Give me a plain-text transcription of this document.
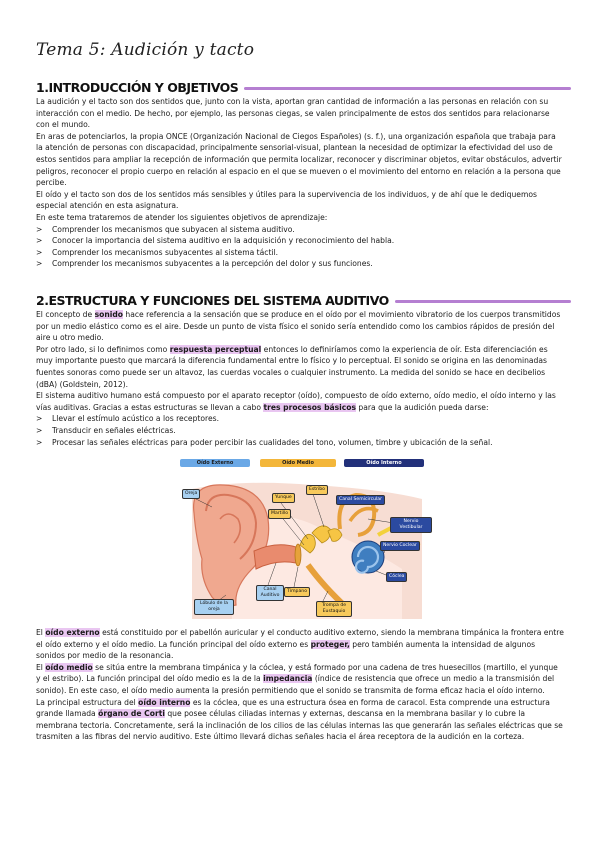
Tema 5: Audición y tacto
1.INTRODUCCIÓN Y OBJETIVOS

La audición y el tacto son dos sentidos que, junto con la vista, aportan gran cantidad de información a las personas en relación con su interacción con el medio. De hecho, por ejemplo, las personas ciegas, se valen principalmente de estos dos sentidos para relacionarse con el mundo.

En aras de potenciarlos, la propia ONCE (Organización Nacional de Ciegos Españoles) (s. f.), una organización española que trabaja para la atención de personas con discapacidad, principalmente sensorial-visual, plantean la necesidad de optimizar la efectividad del uso de estos sentidos para ampliar la recepción de información que permita localizar, reconocer y discriminar objetos, evitar obstáculos, advertir peligros, reconocer el propio cuerpo en relación al espacio en el que se mueven o el movimiento del entorno en relación a la persona que percibe.

El oído y el tacto son dos de los sentidos más sensibles y útiles para la supervivencia de los individuos, y de ahí que le dediquemos especial atención en esta asignatura.

En este tema trataremos de atender los siguientes objetivos de aprendizaje:

> Comprender los mecanismos que subyacen al sistema auditivo.
> Conocer la importancia del sistema auditivo en la adquisición y reconocimiento del habla.
> Comprender los mecanismos subyacentes al sistema táctil.
> Comprender los mecanismos subyacentes a la percepción del dolor y sus funciones.
2.ESTRUCTURA Y FUNCIONES DEL SISTEMA AUDITIVO

El concepto de sonido hace referencia a la sensación que se produce en el oído por el movimiento vibratorio de los cuerpos transmitidos por un medio elástico como es el aire. Desde un punto de vista físico el sonido sería entendido como los cambios rápidos de presión del aire u otro medio.

Por otro lado, si lo definimos como respuesta perceptual entonces lo definiríamos como la experiencia de oír. Esta diferenciación es muy importante puesto que marcará la diferencia fundamental entre lo físico y lo perceptual. El sonido se origina en las denominadas fuentes sonoras como puede ser un altavoz, las cuerdas vocales o cualquier instrumento. La medida del sonido se hace en decibelios (dBA) (Goldstein, 2012).

El sistema auditivo humano está compuesto por el aparato receptor (oído), compuesto de oído externo, oído medio, el oído interno y las vías auditivas. Gracias a estas estructuras se llevan a cabo tres procesos básicos para que la audición pueda darse:

> Llevar el estímulo acústico a los receptores.
> Transducir en señales eléctricas.
> Procesar las señales eléctricas para poder percibir las cualidades del tono, volumen, timbre y ubicación de la señal.
Oído Externo	Oído Medio	Oído Interno
Oreja
Yunque
Estribo
Martillo
Canal Semicircular
Nervio Vestibular
Nervio Coclear
Cóclea
Lóbulo de la oreja
Canal Auditivo
Tímpano
Trompa de Eustaquio

El oído externo está constituido por el pabellón auricular y el conducto auditivo externo, siendo la membrana timpánica la frontera entre el oído externo y el oído medio. La función principal del oído externo es proteger, pero también aumenta la intensidad de algunos sonidos por medio de la resonancia.

El oído medio se sitúa entre la membrana timpánica y la cóclea, y está formado por una cadena de tres huesecillos (martillo, el yunque y el estribo). La función principal del oído medio es la de la impedancia (índice de resistencia que ofrece un medio a la transmisión del sonido). En este caso, el oído medio aumenta la presión permitiendo que el sonido se transmita de forma eficaz hacia el oído interno.

La principal estructura del oído interno es la cóclea, que es una estructura ósea en forma de caracol. Esta comprende una estructura grande llamada órgano de Corti que posee células ciliadas internas y externas, descansa en la membrana basilar y lo cubre la membrana tectoria. Concretamente, será la inclinación de los cilios de las células internas las que generarán las señales eléctricas que se trasmiten a las fibras del nervio auditivo. Este último llevará dichas señales hacia el área receptora de la audición en la corteza.
